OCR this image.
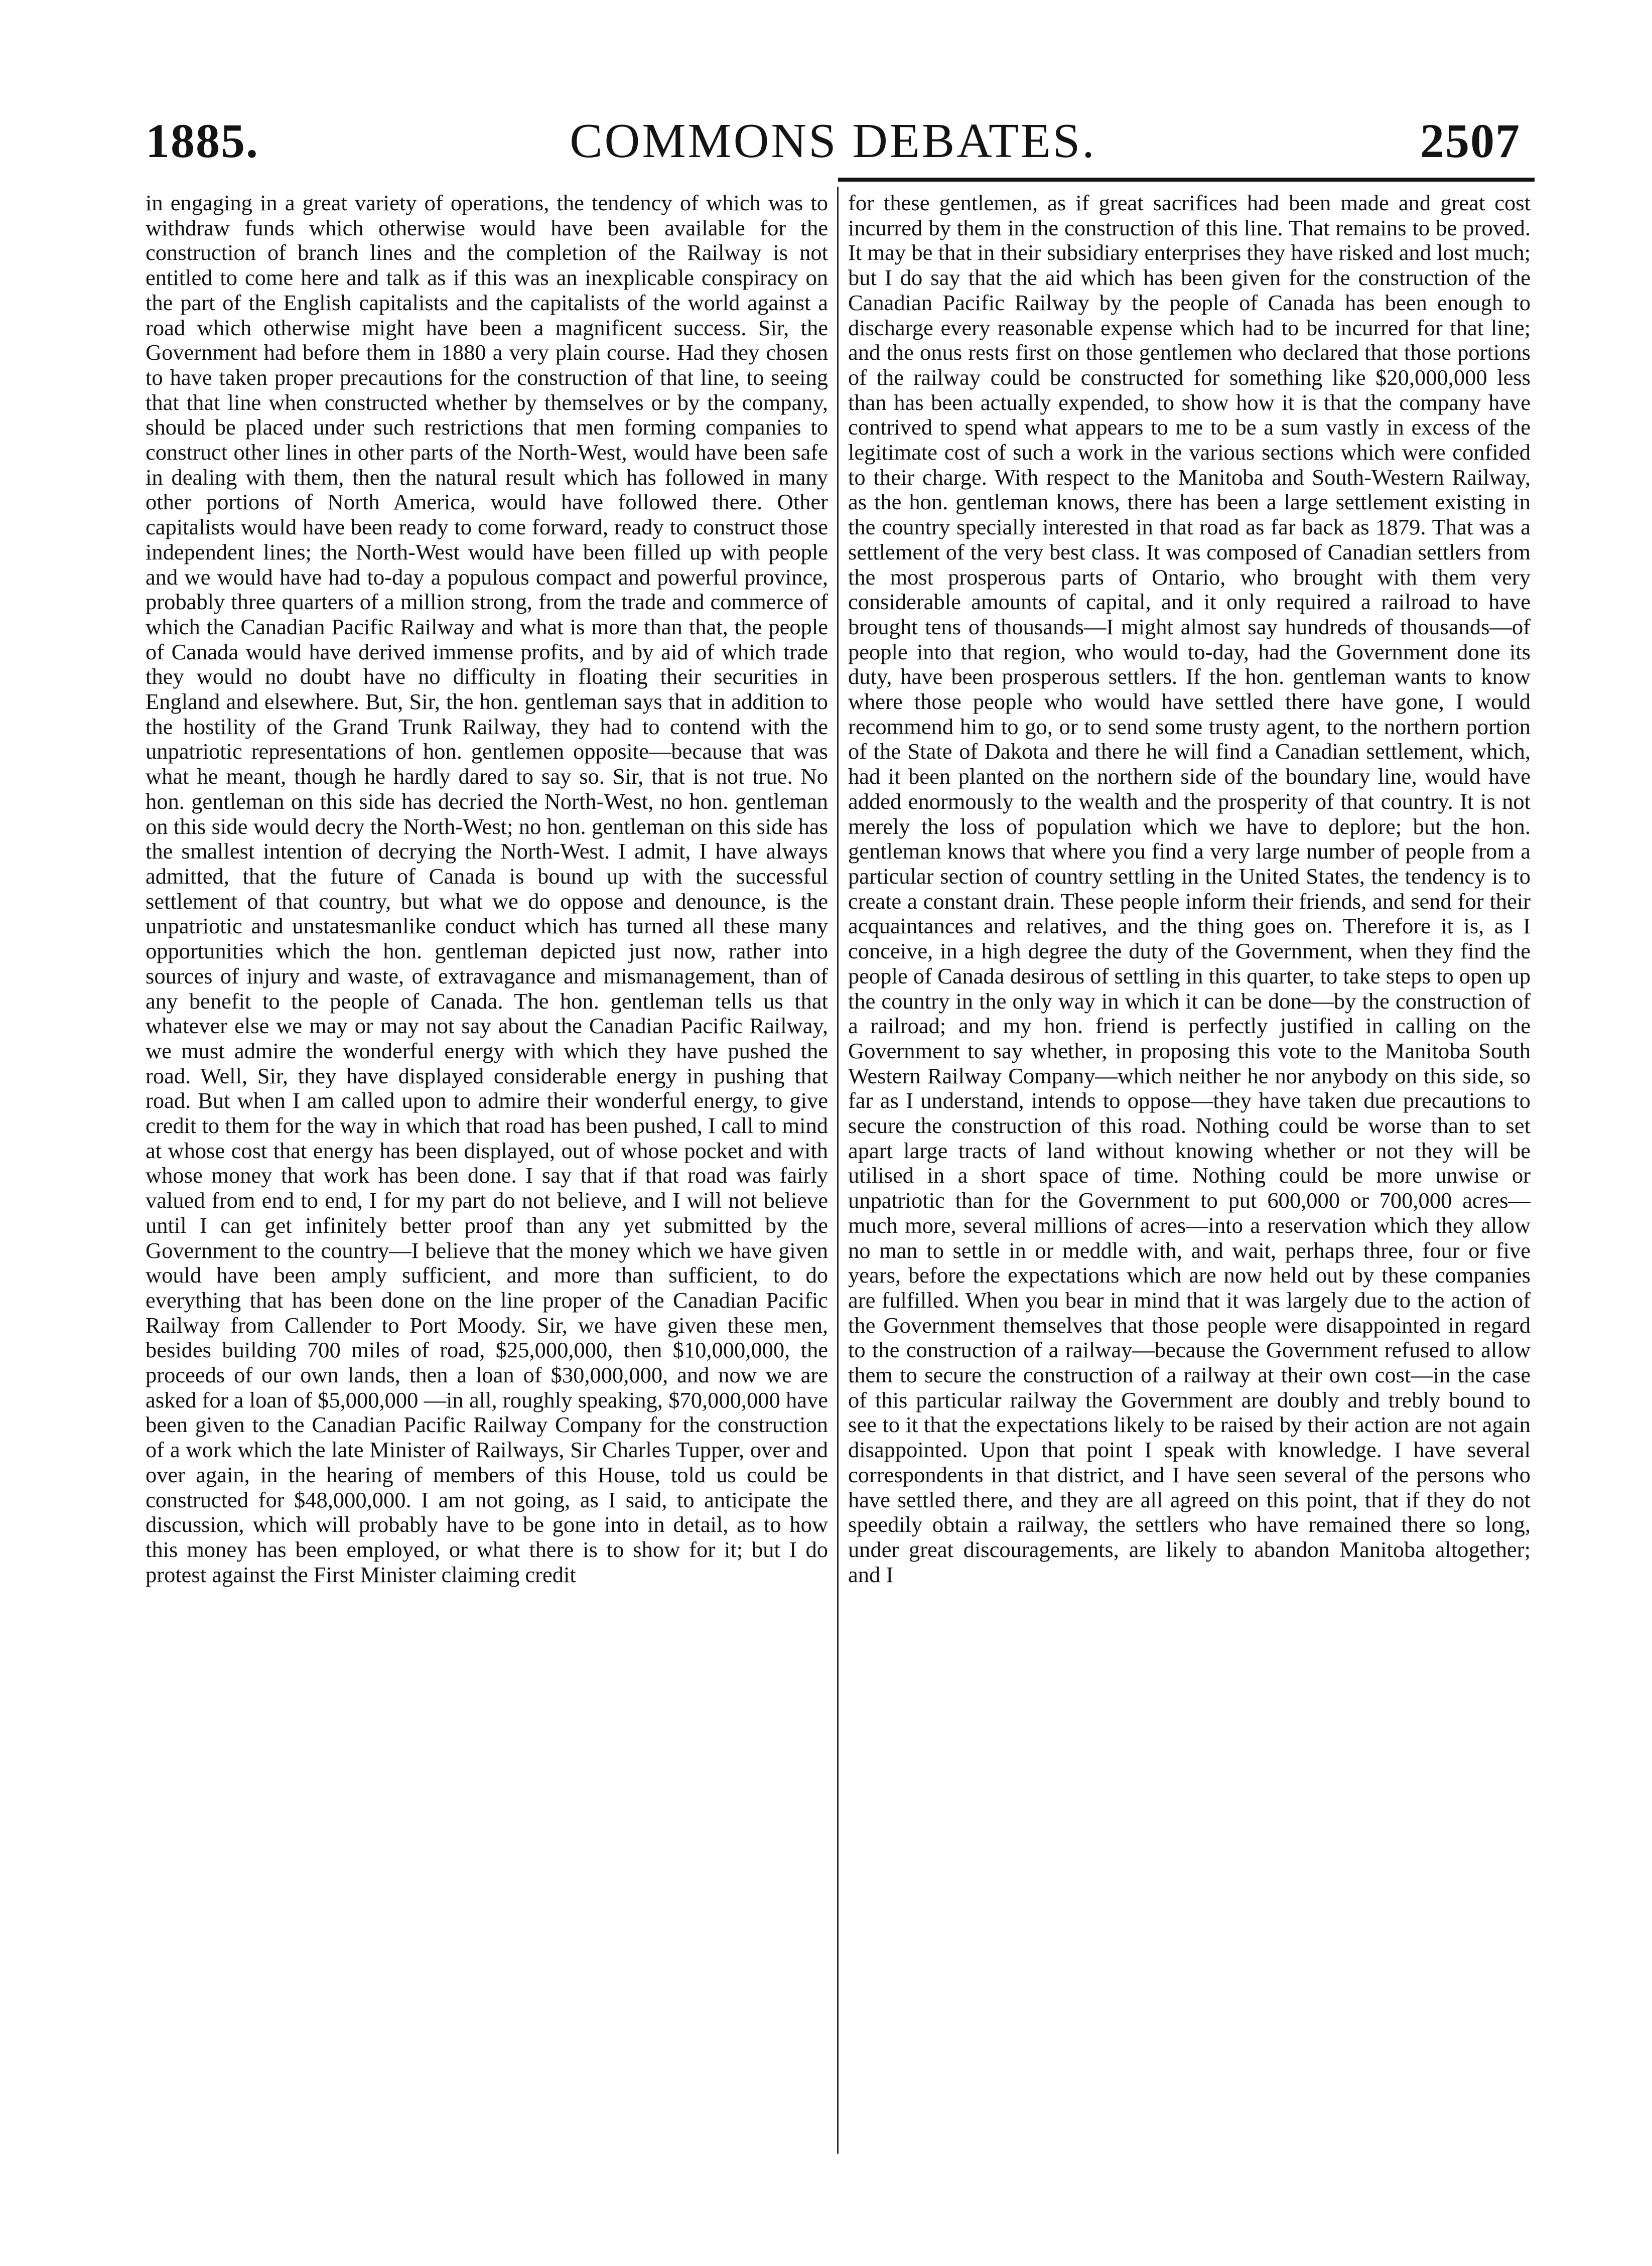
1885.	COMMONS DEBATES.	2507

in engaging in a great variety of operations, the tendency of which was to withdraw funds which otherwise would have been available for the construction of branch lines and the completion of the Railway is not entitled to come here and talk as if this was an inexplicable conspiracy on the part of the English capitalists and the capitalists of the world against a road which otherwise might have been a magnificent success. Sir, the Government had before them in 1880 a very plain course. Had they chosen to have taken proper precautions for the construction of that line, to seeing that that line when constructed whether by themselves or by the company, should be placed under such restrictions that men forming companies to construct other lines in other parts of the North-West, would have been safe in dealing with them, then the natural result which has followed in many other portions of North America, would have followed there. Other capitalists would have been ready to come forward, ready to construct those independent lines; the North-West would have been filled up with people and we would have had to-day a populous compact and powerful province, probably three quarters of a million strong, from the trade and commerce of which the Canadian Pacific Railway and what is more than that, the people of Canada would have derived immense profits, and by aid of which trade they would no doubt have no difficulty in floating their securities in England and elsewhere. But, Sir, the hon. gentleman says that in addition to the hostility of the Grand Trunk Railway, they had to contend with the unpatriotic representations of hon. gentlemen opposite—because that was what he meant, though he hardly dared to say so. Sir, that is not true. No hon. gentleman on this side has decried the North-West, no hon. gentleman on this side would decry the North-West; no hon. gentleman on this side has the smallest intention of decrying the North-West. I admit, I have always admitted, that the future of Canada is bound up with the successful settlement of that country, but what we do oppose and denounce, is the unpatriotic and unstatesmanlike conduct which has turned all these many opportunities which the hon. gentleman depicted just now, rather into sources of injury and waste, of extravagance and mismanagement, than of any benefit to the people of Canada. The hon. gentleman tells us that whatever else we may or may not say about the Canadian Pacific Railway, we must admire the wonderful energy with which they have pushed the road. Well, Sir, they have displayed considerable energy in pushing that road. But when I am called upon to admire their wonderful energy, to give credit to them for the way in which that road has been pushed, I call to mind at whose cost that energy has been displayed, out of whose pocket and with whose money that work has been done. I say that if that road was fairly valued from end to end, I for my part do not believe, and I will not believe until I can get infinitely better proof than any yet submitted by the Government to the country—I believe that the money which we have given would have been amply sufficient, and more than sufficient, to do everything that has been done on the line proper of the Canadian Pacific Railway from Callender to Port Moody. Sir, we have given these men, besides building 700 miles of road, $25,000,000, then $10,000,000, the proceeds of our own lands, then a loan of $30,000,000, and now we are asked for a loan of $5,000,000 —in all, roughly speaking, $70,000,000 have been given to the Canadian Pacific Railway Company for the construction of a work which the late Minister of Railways, Sir Charles Tupper, over and over again, in the hearing of members of this House, told us could be constructed for $48,000,000. I am not going, as I said, to anticipate the discussion, which will probably have to be gone into in detail, as to how this money has been employed, or what there is to show for it; but I do protest against the First Minister claiming credit

for these gentlemen, as if great sacrifices had been made and great cost incurred by them in the construction of this line. That remains to be proved. It may be that in their subsidiary enterprises they have risked and lost much; but I do say that the aid which has been given for the construction of the Canadian Pacific Railway by the people of Canada has been enough to discharge every reasonable expense which had to be incurred for that line; and the onus rests first on those gentlemen who declared that those portions of the railway could be constructed for something like $20,000,000 less than has been actually expended, to show how it is that the company have contrived to spend what appears to me to be a sum vastly in excess of the legitimate cost of such a work in the various sections which were confided to their charge. With respect to the Manitoba and South-Western Railway, as the hon. gentleman knows, there has been a large settlement existing in the country specially interested in that road as far back as 1879. That was a settlement of the very best class. It was composed of Canadian settlers from the most prosperous parts of Ontario, who brought with them very considerable amounts of capital, and it only required a railroad to have brought tens of thousands—I might almost say hundreds of thousands—of people into that region, who would to-day, had the Government done its duty, have been prosperous settlers. If the hon. gentleman wants to know where those people who would have settled there have gone, I would recommend him to go, or to send some trusty agent, to the northern portion of the State of Dakota and there he will find a Canadian settlement, which, had it been planted on the northern side of the boundary line, would have added enormously to the wealth and the prosperity of that country. It is not merely the loss of population which we have to deplore; but the hon. gentleman knows that where you find a very large number of people from a particular section of country settling in the United States, the tendency is to create a constant drain. These people inform their friends, and send for their acquaintances and relatives, and the thing goes on. Therefore it is, as I conceive, in a high degree the duty of the Government, when they find the people of Canada desirous of settling in this quarter, to take steps to open up the country in the only way in which it can be done—by the construction of a railroad; and my hon. friend is perfectly justified in calling on the Government to say whether, in proposing this vote to the Manitoba South Western Railway Company—which neither he nor anybody on this side, so far as I understand, intends to oppose—they have taken due precautions to secure the construction of this road. Nothing could be worse than to set apart large tracts of land without knowing whether or not they will be utilised in a short space of time. Nothing could be more unwise or unpatriotic than for the Government to put 600,000 or 700,000 acres—much more, several millions of acres—into a reservation which they allow no man to settle in or meddle with, and wait, perhaps three, four or five years, before the expectations which are now held out by these companies are fulfilled. When you bear in mind that it was largely due to the action of the Government themselves that those people were disappointed in regard to the construction of a railway—because the Government refused to allow them to secure the construction of a railway at their own cost—in the case of this particular railway the Government are doubly and trebly bound to see to it that the expectations likely to be raised by their action are not again disappointed. Upon that point I speak with knowledge. I have several correspondents in that district, and I have seen several of the persons who have settled there, and they are all agreed on this point, that if they do not speedily obtain a railway, the settlers who have remained there so long, under great discouragements, are likely to abandon Manitoba altogether; and I
